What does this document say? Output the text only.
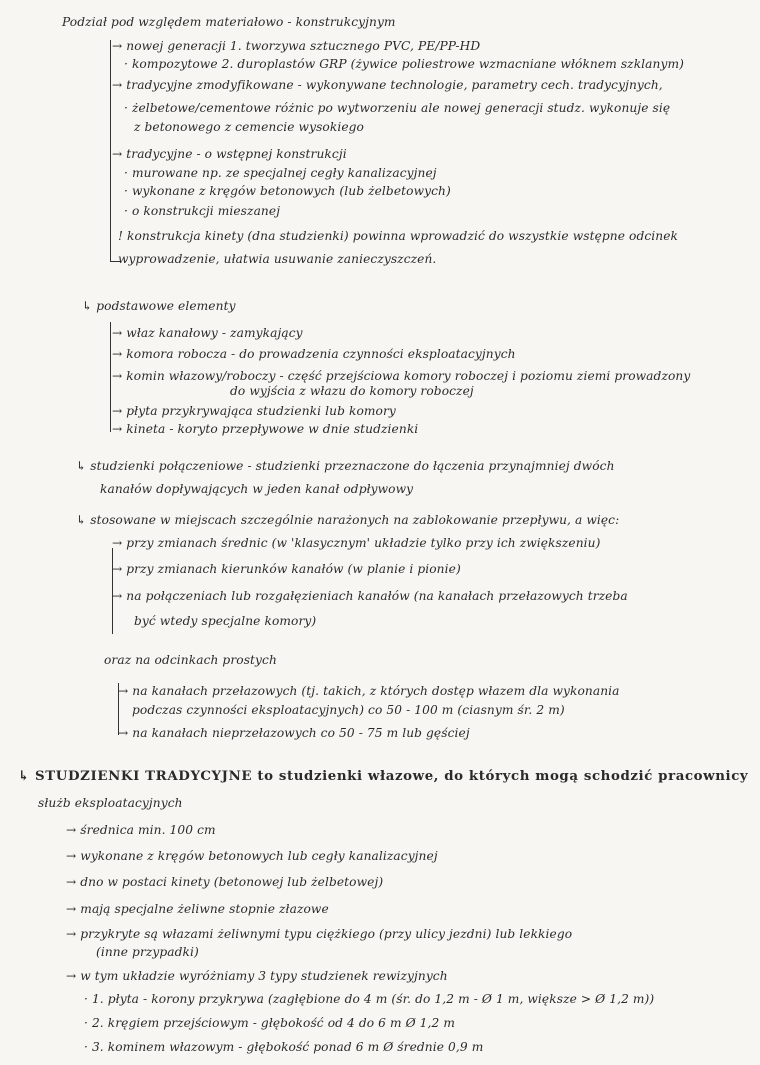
Podział pod względem materiałowo - konstrukcyjnym
→ nowej generacji 1. tworzywa sztucznego PVC, PE/PP-HD
· kompozytowe 2. duroplastów GRP (żywice poliestrowe wzmacniane włóknem szklanym)
→ tradycyjne zmodyfikowane - wykonywane technologie, parametry cech. tradycyjnych,
· żelbetowe/cementowe różnic po wytworzeniu ale nowej generacji studz. wykonuje się
z betonowego z cemencie wysokiego
→ tradycyjne - o wstępnej konstrukcji
· murowane np. ze specjalnej cegły kanalizacyjnej
· wykonane z kręgów betonowych (lub żelbetowych)
· o konstrukcji mieszanej
! konstrukcja kinety (dna studzienki) powinna wprowadzić do wszystkie wstępne odcinek
wyprowadzenie, ułatwia usuwanie zanieczyszczeń.
↳ podstawowe elementy
→ właz kanałowy - zamykający
→ komora robocza - do prowadzenia czynności eksploatacyjnych
→ komin włazowy/roboczy - część przejściowa komory roboczej i poziomu ziemi prowadzony
do wyjścia z włazu do komory roboczej
→ płyta przykrywająca studzienki lub komory
→ kineta - koryto przepływowe w dnie studzienki
↳ studzienki połączeniowe - studzienki przeznaczone do łączenia przynajmniej dwóch
kanałów dopływających w jeden kanał odpływowy
↳ stosowane w miejscach szczególnie narażonych na zablokowanie przepływu, a więc:
→ przy zmianach średnic (w 'klasycznym' układzie tylko przy ich zwiększeniu)
→ przy zmianach kierunków kanałów (w planie i pionie)
→ na połączeniach lub rozgałęzieniach kanałów (na kanałach przełazowych trzeba
być wtedy specjalne komory)
oraz na odcinkach prostych
→ na kanałach przełazowych (tj. takich, z których dostęp włazem dla wykonania
podczas czynności eksploatacyjnych) co 50 - 100 m (ciasnym śr. 2 m)
→ na kanałach nieprzełazowych co 50 - 75 m lub gęściej
↳ STUDZIENKI TRADYCYJNE to studzienki włazowe, do których mogą schodzić pracownicy
służb eksploatacyjnych
→ średnica min. 100 cm
→ wykonane z kręgów betonowych lub cegły kanalizacyjnej
→ dno w postaci kinety (betonowej lub żelbetowej)
→ mają specjalne żeliwne stopnie złazowe
→ przykryte są włazami żeliwnymi typu ciężkiego (przy ulicy jezdni) lub lekkiego
(inne przypadki)
→ w tym układzie wyróżniamy 3 typy studzienek rewizyjnych
· 1. płyta - korony przykrywa (zagłębione do 4 m (śr. do 1,2 m - Ø 1 m, większe > Ø 1,2 m))
· 2. kręgiem przejściowym - głębokość od 4 do 6 m Ø 1,2 m
· 3. kominem włazowym - głębokość ponad 6 m Ø średnie 0,9 m
